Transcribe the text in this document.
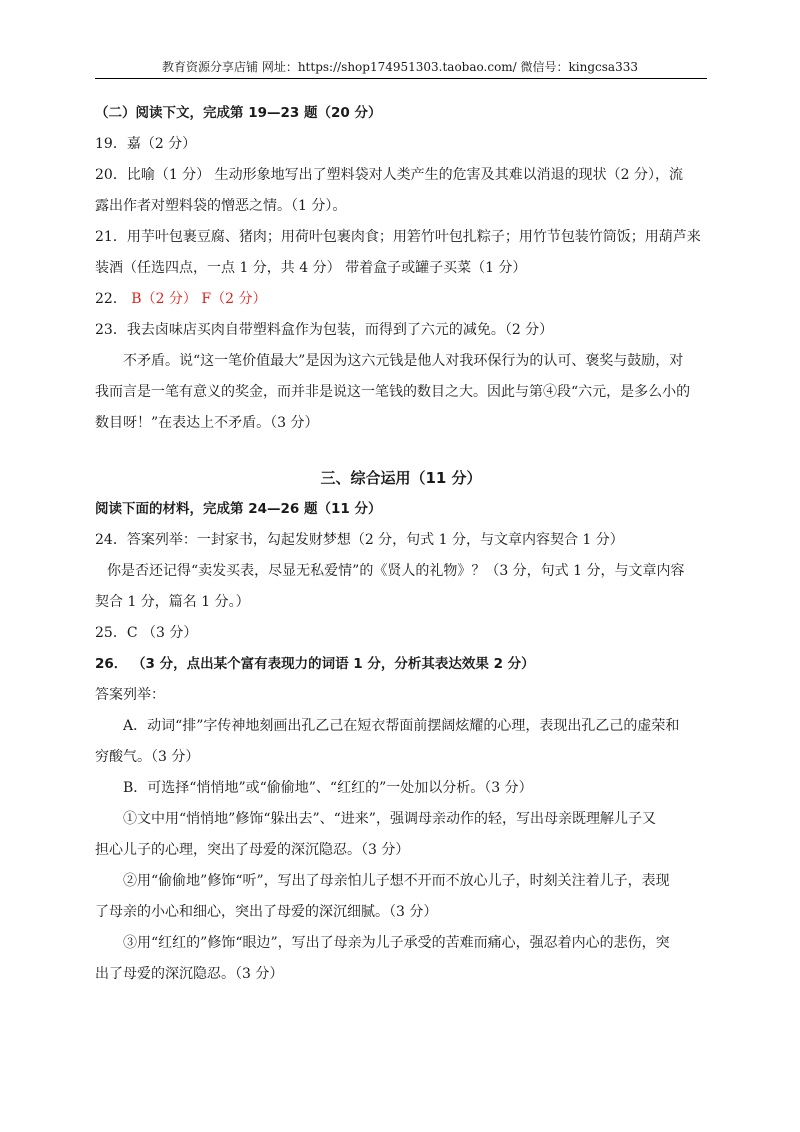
教育资源分享店铺 网址：https://shop174951303.taobao.com/ 微信号：kingcsa333
（二）阅读下文，完成第 19—23 题（20 分）
19．嘉（2 分）
20．比喻（1 分） 生动形象地写出了塑料袋对人类产生的危害及其难以消退的现状（2 分），流
露出作者对塑料袋的憎恶之情。（1 分）。
21．用芋叶包裹豆腐、猪肉；用荷叶包裹肉食；用箬竹叶包扎粽子；用竹节包装竹筒饭；用葫芦来
装酒（任选四点，一点 1 分，共 4 分） 带着盒子或罐子买菜（1 分）
22． B（2 分） F（2 分）
23．我去卤味店买肉自带塑料盒作为包装，而得到了六元的减免。（2 分）
不矛盾。说“这一笔价值最大”是因为这六元钱是他人对我环保行为的认可、褒奖与鼓励，对
我而言是一笔有意义的奖金，而并非是说这一笔钱的数目之大。因此与第④段“六元，是多么小的
数目呀！”在表达上不矛盾。（3 分）
三、综合运用（11 分）
阅读下面的材料，完成第 24—26 题（11 分）
24．答案列举：一封家书，勾起发财梦想（2 分，句式 1 分，与文章内容契合 1 分）
你是否还记得“卖发买表，尽显无私爱情”的《贤人的礼物》？（3 分，句式 1 分，与文章内容
契合 1 分，篇名 1 分。）
25．C （3 分）
26． （3 分，点出某个富有表现力的词语 1 分，分析其表达效果 2 分）
答案列举：
A．动词“排”字传神地刻画出孔乙己在短衣帮面前摆阔炫耀的心理，表现出孔乙己的虚荣和
穷酸气。（3 分）
B．可选择“悄悄地”或“偷偷地”、“红红的”一处加以分析。（3 分）
①文中用“悄悄地”修饰“躲出去”、“进来”，强调母亲动作的轻，写出母亲既理解儿子又
担心儿子的心理，突出了母爱的深沉隐忍。（3 分）
②用“偷偷地”修饰“听”，写出了母亲怕儿子想不开而不放心儿子，时刻关注着儿子，表现
了母亲的小心和细心，突出了母爱的深沉细腻。（3 分）
③用“红红的”修饰“眼边”，写出了母亲为儿子承受的苦难而痛心，强忍着内心的悲伤，突
出了母爱的深沉隐忍。（3 分）
